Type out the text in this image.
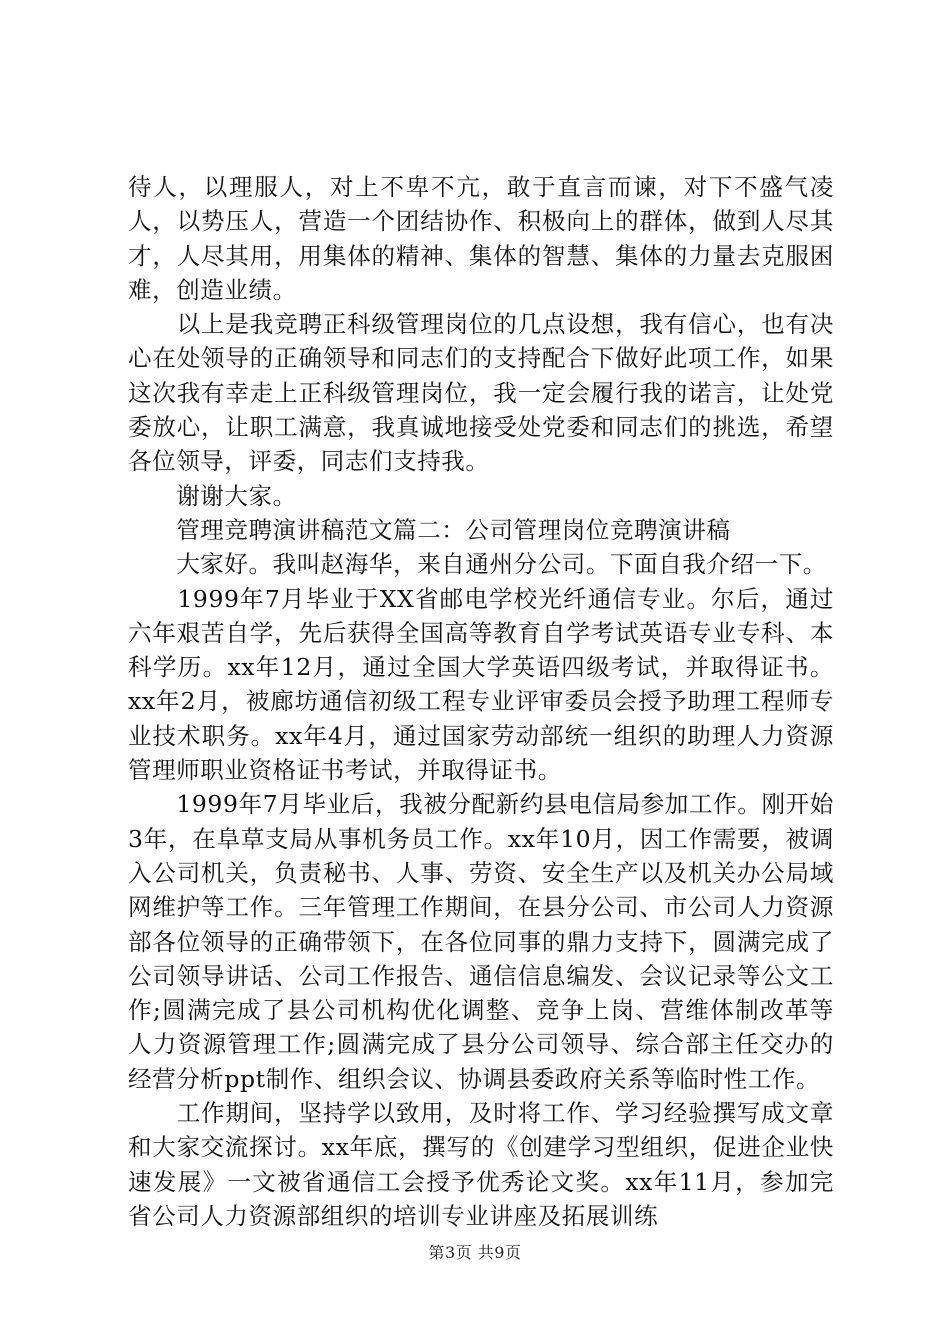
待人，以理服人，对上不卑不亢，敢于直言而谏，对下不盛气凌人，以势压人，营造一个团结协作、积极向上的群体，做到人尽其才，人尽其用，用集体的精神、集体的智慧、集体的力量去克服困难，创造业绩。

　　以上是我竞聘正科级管理岗位的几点设想，我有信心，也有决心在处领导的正确领导和同志们的支持配合下做好此项工作，如果这次我有幸走上正科级管理岗位，我一定会履行我的诺言，让处党委放心，让职工满意，我真诚地接受处党委和同志们的挑选，希望各位领导，评委，同志们支持我。

　　谢谢大家。

　　管理竞聘演讲稿范文篇二：公司管理岗位竞聘演讲稿

　　大家好。我叫赵海华，来自通州分公司。下面自我介绍一下。

　　1999年7月毕业于XX省邮电学校光纤通信专业。尔后，通过六年艰苦自学，先后获得全国高等教育自学考试英语专业专科、本科学历。xx年12月，通过全国大学英语四级考试，并取得证书。xx年2月，被廊坊通信初级工程专业评审委员会授予助理工程师专业技术职务。xx年4月，通过国家劳动部统一组织的助理人力资源管理师职业资格证书考试，并取得证书。

　　1999年7月毕业后，我被分配新约县电信局参加工作。刚开始3年，在阜草支局从事机务员工作。xx年10月，因工作需要，被调入公司机关，负责秘书、人事、劳资、安全生产以及机关办公局域网维护等工作。三年管理工作期间，在县分公司、市公司人力资源部各位领导的正确带领下，在各位同事的鼎力支持下，圆满完成了公司领导讲话、公司工作报告、通信信息编发、会议记录等公文工作;圆满完成了县公司机构优化调整、竞争上岗、营维体制改革等人力资源管理工作;圆满完成了县分公司领导、综合部主任交办的经营分析ppt制作、组织会议、协调县委政府关系等临时性工作。

　　工作期间，坚持学以致用，及时将工作、学习经验撰写成文章和大家交流探讨。xx年底，撰写的《创建学习型组织，促进企业快速发展》一文被省通信工会授予优秀论文奖。xx年11月，参加完省公司人力资源部组织的培训专业讲座及拓展训练

第3页 共9页
